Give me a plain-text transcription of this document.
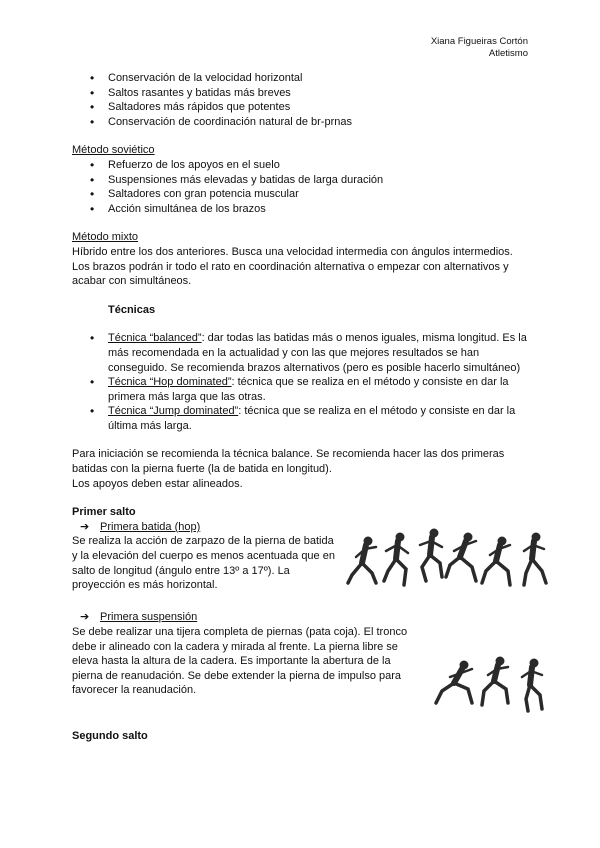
Xiana Figueiras Cortón
Atletismo
• Conservación de la velocidad horizontal
• Saltos rasantes y batidas más breves
• Saltadores más rápidos que potentes
• Conservación de coordinación natural de br-prnas
Método soviético
• Refuerzo de los apoyos en el suelo
• Suspensiones más elevadas y batidas de larga duración
• Saltadores con gran potencia muscular
• Acción simultánea de los brazos
Método mixto

Híbrido entre los dos anteriores. Busca una velocidad intermedia con ángulos intermedios. Los brazos podrán ir todo el rato en coordinación alternativa o empezar con alternativos y acabar con simultáneos.

Técnicas
• Técnica “balanced”: dar todas las batidas más o menos iguales, misma longitud. Es la más recomendada en la actualidad y con las que mejores resultados se han conseguido. Se recomienda brazos alternativos (pero es posible hacerlo simultáneo)
• Técnica “Hop dominated”: técnica que se realiza en el método y consiste en dar la primera más larga que las otras.
• Técnica “Jump dominated”: técnica que se realiza en el método y consiste en dar la última más larga.

Para iniciación se recomienda la técnica balance. Se recomienda hacer las dos primeras batidas con la pierna fuerte (la de batida en longitud).

Los apoyos deben estar alineados.

Primer salto
➔ Primera batida (hop)

Se realiza la acción de zarpazo de la pierna de batida y la elevación del cuerpo es menos acentuada que en salto de longitud (ángulo entre 13º a 17º). La proyección es más horizontal.

➔ Primera suspensión

Se debe realizar una tijera completa de piernas (pata coja). El tronco debe ir alineado con la cadera y mirada al frente. La pierna libre se eleva hasta la altura de la cadera. Es importante la abertura de la pierna de reanudación. Se debe extender la pierna de impulso para favorecer la reanudación.

Segundo salto
